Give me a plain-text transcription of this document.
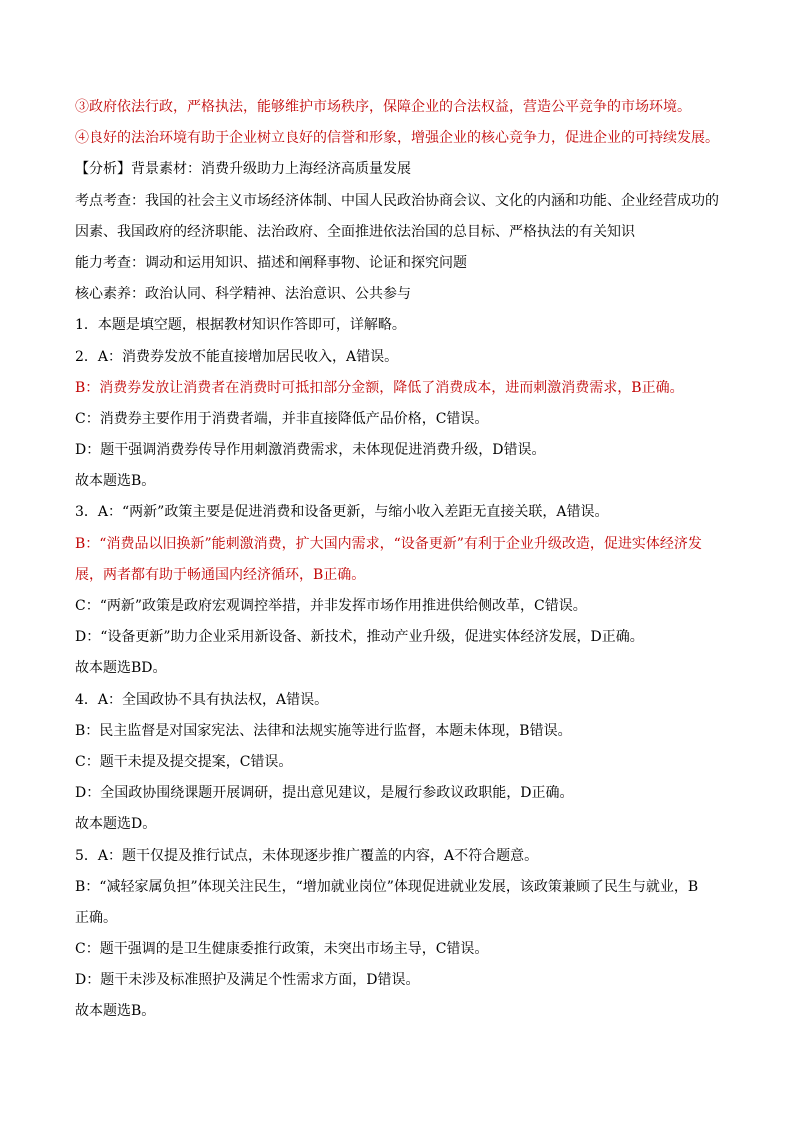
③政府依法行政，严格执法，能够维护市场秩序，保障企业的合法权益，营造公平竞争的市场环境。

④良好的法治环境有助于企业树立良好的信誉和形象，增强企业的核心竞争力，促进企业的可持续发展。

【分析】背景素材：消费升级助力上海经济高质量发展

考点考查：我国的社会主义市场经济体制、中国人民政治协商会议、文化的内涵和功能、企业经营成功的

因素、我国政府的经济职能、法治政府、全面推进依法治国的总目标、严格执法的有关知识

能力考查：调动和运用知识、描述和阐释事物、论证和探究问题

核心素养：政治认同、科学精神、法治意识、公共参与

1．本题是填空题，根据教材知识作答即可，详解略。

2．A：消费券发放不能直接增加居民收入，A错误。

B：消费券发放让消费者在消费时可抵扣部分金额，降低了消费成本，进而刺激消费需求，B正确。

C：消费券主要作用于消费者端，并非直接降低产品价格，C错误。

D：题干强调消费券传导作用刺激消费需求，未体现促进消费升级，D错误。

故本题选B。

3．A：“两新”政策主要是促进消费和设备更新，与缩小收入差距无直接关联，A错误。

B：“消费品以旧换新”能刺激消费，扩大国内需求，“设备更新”有利于企业升级改造，促进实体经济发

展，两者都有助于畅通国内经济循环，B正确。

C：“两新”政策是政府宏观调控举措，并非发挥市场作用推进供给侧改革，C错误。

D：“设备更新”助力企业采用新设备、新技术，推动产业升级，促进实体经济发展，D正确。

故本题选BD。

4．A：全国政协不具有执法权，A错误。

B：民主监督是对国家宪法、法律和法规实施等进行监督，本题未体现，B错误。

C：题干未提及提交提案，C错误。

D：全国政协围绕课题开展调研，提出意见建议，是履行参政议政职能，D正确。

故本题选D。

5．A：题干仅提及推行试点，未体现逐步推广覆盖的内容，A不符合题意。

B：“减轻家属负担”体现关注民生，“增加就业岗位”体现促进就业发展，该政策兼顾了民生与就业，B

正确。

C：题干强调的是卫生健康委推行政策，未突出市场主导，C错误。

D：题干未涉及标准照护及满足个性需求方面，D错误。

故本题选B。
